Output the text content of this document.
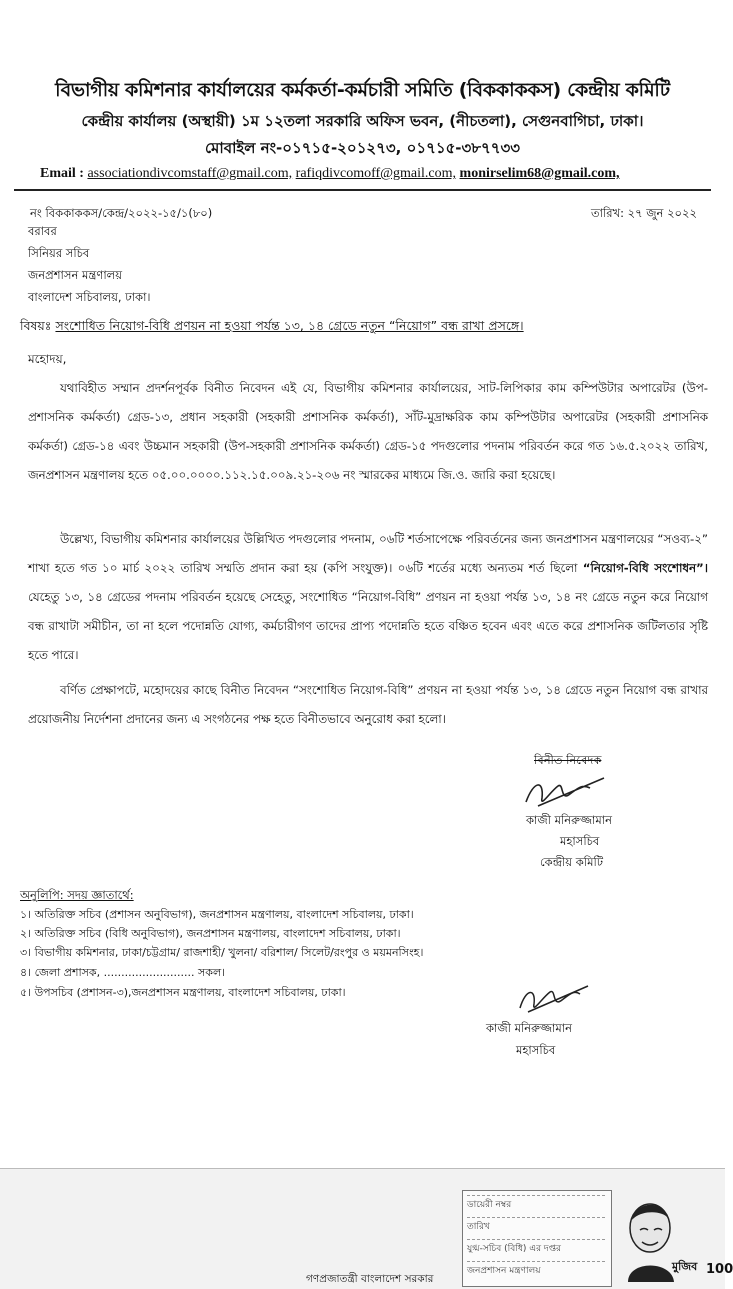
বিভাগীয় কমিশনার কার্যালয়ের কর্মকর্তা-কর্মচারী সমিতি (বিককাককস) কেন্দ্রীয় কমিটি
কেন্দ্রীয় কার্যালয় (অস্থায়ী) ১ম ১২তলা সরকারি অফিস ভবন, (নীচতলা), সেগুনবাগিচা, ঢাকা।
মোবাইল নং-০১৭১৫-২০১২৭৩, ০১৭১৫-৩৮৭৭৩৩
Email : associationdivcomstaff@gmail.com, rafiqdivcomoff@gmail.com, monirselim68@gmail.com,
নং বিককাককস/কেন্দ্র/২০২২-১৫/১(৮০)	তারিখ: ২৭ জুন ২০২২
বরাবর
সিনিয়র সচিব
জনপ্রশাসন মন্ত্রণালয়
বাংলাদেশ সচিবালয়, ঢাকা।
বিষয়ঃ সংশোধিত নিয়োগ-বিধি প্রণয়ন না হওয়া পর্যন্ত ১৩, ১৪ গ্রেডে নতুন “নিয়োগ” বন্ধ রাখা প্রসঙ্গে।
মহোদয়,
যথাবিহীত সম্মান প্রদর্শনপূর্বক বিনীত নিবেদন এই যে, বিভাগীয় কমিশনার কার্যালয়ের, সাট-লিপিকার কাম কম্পিউটার অপারেটর (উপ-প্রশাসনিক কর্মকর্তা) গ্রেড-১৩, প্রধান সহকারী (সহকারী প্রশাসনিক কর্মকর্তা), সাঁট-মুদ্রাক্ষরিক কাম কম্পিউটার অপারেটর (সহকারী প্রশাসনিক কর্মকর্তা) গ্রেড-১৪ এবং উচ্চমান সহকারী (উপ-সহকারী প্রশাসনিক কর্মকর্তা) গ্রেড-১৫ পদগুলোর পদনাম পরিবর্তন করে গত ১৬.৫.২০২২ তারিখ, জনপ্রশাসন মন্ত্রণালয় হতে ০৫.০০.০০০০.১১২.১৫.০০৯.২১-২০৬ নং স্মারকের মাধ্যমে জি.ও. জারি করা হয়েছে।
উল্লেখ্য, বিভাগীয় কমিশনার কার্যালয়ের উল্লিখিত পদগুলোর পদনাম, ০৬টি শর্তসাপেক্ষে পরিবর্তনের জন্য জনপ্রশাসন মন্ত্রণালয়ের “সওব্য-২” শাখা হতে গত ১০ মার্চ ২০২২ তারিখ সম্মতি প্রদান করা হয় (কপি সংযুক্ত)। ০৬টি শর্তের মধ্যে অন্যতম শর্ত ছিলো “নিয়োগ-বিধি সংশোধন”। যেহেতু ১৩, ১৪ গ্রেডের পদনাম পরিবর্তন হয়েছে সেহেতু, সংশোধিত “নিয়োগ-বিধি” প্রণয়ন না হওয়া পর্যন্ত ১৩, ১৪ নং গ্রেডে নতুন করে নিয়োগ বন্ধ রাখাটা সমীচীন, তা না হলে পদোন্নতি যোগ্য, কর্মচারীগণ তাদের প্রাপ্য পদোন্নতি হতে বঞ্চিত হবেন এবং এতে করে প্রশাসনিক জটিলতার সৃষ্টি হতে পারে।
বর্ণিত প্রেক্ষাপটে, মহোদয়ের কাছে বিনীত নিবেদন “সংশোধিত নিয়োগ-বিধি” প্রণয়ন না হওয়া পর্যন্ত ১৩, ১৪ গ্রেডে নতুন নিয়োগ বন্ধ রাখার প্রয়োজনীয় নির্দেশনা প্রদানের জন্য এ সংগঠনের পক্ষ হতে বিনীতভাবে অনুরোধ করা হলো।
বিনীত নিবেদক
কাজী মনিরুজ্জামান
মহাসচিব
কেন্দ্রীয় কমিটি
অনুলিপি: সদয় জ্ঞাতার্থে:
১। অতিরিক্ত সচিব (প্রশাসন অনুবিভাগ), জনপ্রশাসন মন্ত্রণালয়, বাংলাদেশ সচিবালয়, ঢাকা।
২। অতিরিক্ত সচিব (বিধি অনুবিভাগ), জনপ্রশাসন মন্ত্রণালয়, বাংলাদেশ সচিবালয়, ঢাকা।
৩। বিভাগীয় কমিশনার, ঢাকা/চট্টগ্রাম/ রাজশাহী/ খুলনা/ বরিশাল/ সিলেট/রংপুর ও ময়মনসিংহ।
৪। জেলা প্রশাসক, .......................... সকল।
৫। উপসচিব (প্রশাসন-৩),জনপ্রশাসন মন্ত্রণালয়, বাংলাদেশ সচিবালয়, ঢাকা।
কাজী মনিরুজ্জামান
মহাসচিব
ডায়েরী নম্বর
তারিখ
যুগ্ম-সচিব (বিধি) এর দপ্তর
জনপ্রশাসন মন্ত্রণালয়	মুজিব 100
গণপ্রজাতন্ত্রী বাংলাদেশ সরকার
